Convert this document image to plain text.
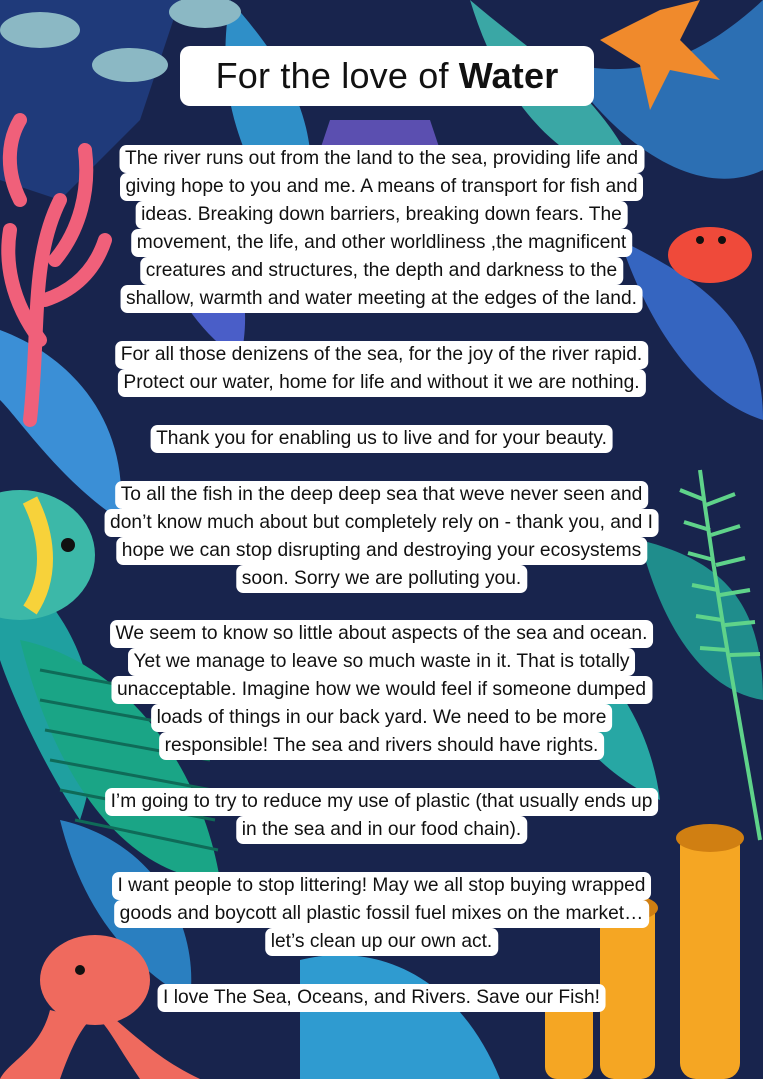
For the love of Water
The river runs out from the land to the sea, providing life and
giving hope to you and me. A means of transport for fish and
ideas. Breaking down barriers, breaking down fears. The
movement, the life, and other worldliness ,the magnificent
creatures and structures, the depth and darkness to the
shallow, warmth and water meeting at the edges of the land.
For all those denizens of the sea, for the joy of the river rapid.
Protect our water, home for life and without it we are nothing.
Thank you for enabling us to live and for your beauty.
To all the fish in the deep deep sea that weve never seen and
don’t know much about but completely rely on - thank you, and I
hope we can stop disrupting and destroying your ecosystems
soon. Sorry we are polluting you.
We seem to know so little about aspects of the sea and ocean.
Yet we manage to leave so much waste in it. That is totally
unacceptable. Imagine how we would feel if someone dumped
loads of things in our back yard. We need to be more
responsible! The sea and rivers should have rights.
I’m going to try to reduce my use of plastic (that usually ends up
in the sea and in our food chain).
I want people to stop littering! May we all stop buying wrapped
goods and boycott all plastic fossil fuel mixes on the market…
let’s clean up our own act.
I love The Sea, Oceans, and Rivers. Save our Fish!
